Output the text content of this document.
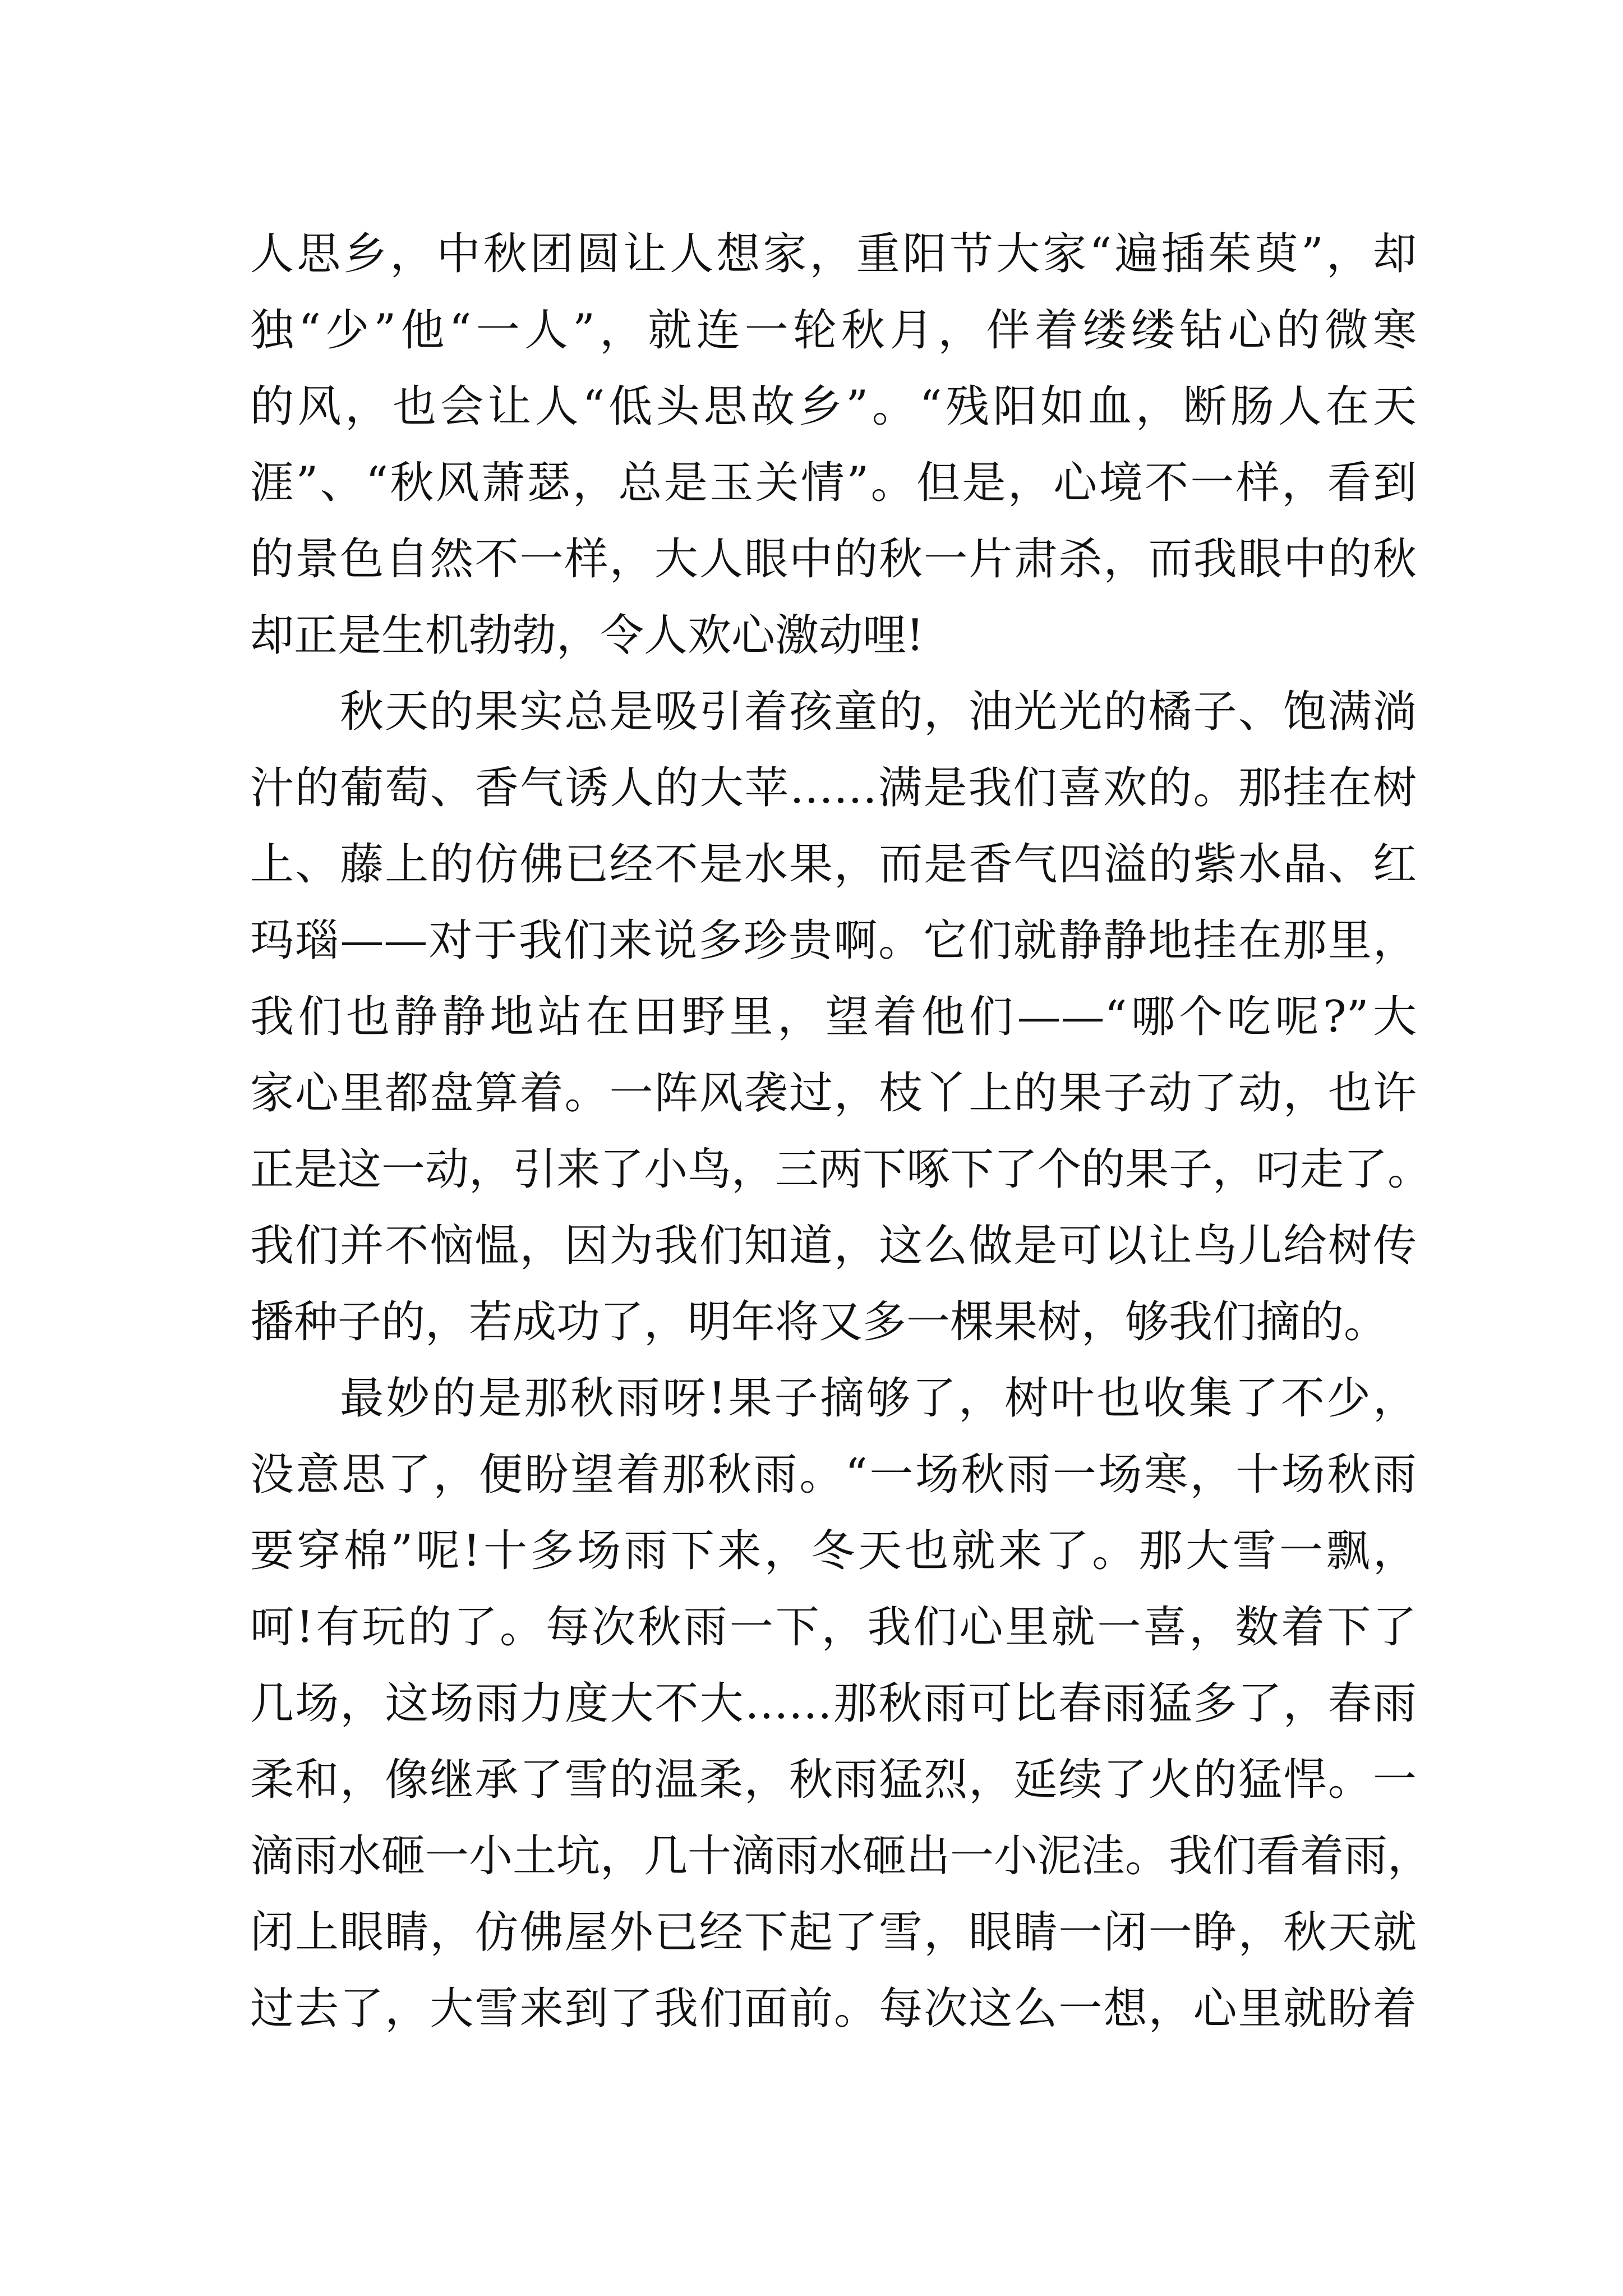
人思乡，中秋团圆让人想家，重阳节大家“遍插茱萸”，却
独“少”他“一人”，就连一轮秋月，伴着缕缕钻心的微寒
的风，也会让人“低头思故乡”。“残阳如血，断肠人在天
涯”、“秋风萧瑟，总是玉关情”。但是，心境不一样，看到
的景色自然不一样，大人眼中的秋一片肃杀，而我眼中的秋
却正是生机勃勃，令人欢心激动哩!
秋天的果实总是吸引着孩童的，油光光的橘子、饱满淌
汁的葡萄、香气诱人的大苹……满是我们喜欢的。那挂在树
上、藤上的仿佛已经不是水果，而是香气四溢的紫水晶、红
玛瑙——对于我们来说多珍贵啊。它们就静静地挂在那里，
我们也静静地站在田野里，望着他们——“哪个吃呢?”大
家心里都盘算着。一阵风袭过，枝丫上的果子动了动，也许
正是这一动，引来了小鸟，三两下啄下了个的果子，叼走了。
我们并不恼愠，因为我们知道，这么做是可以让鸟儿给树传
播种子的，若成功了，明年将又多一棵果树，够我们摘的。
最妙的是那秋雨呀!果子摘够了，树叶也收集了不少，
没意思了，便盼望着那秋雨。“一场秋雨一场寒，十场秋雨
要穿棉”呢!十多场雨下来，冬天也就来了。那大雪一飘，
呵!有玩的了。每次秋雨一下，我们心里就一喜，数着下了
几场，这场雨力度大不大……那秋雨可比春雨猛多了，春雨
柔和，像继承了雪的温柔，秋雨猛烈，延续了火的猛悍。一
滴雨水砸一小土坑，几十滴雨水砸出一小泥洼。我们看着雨，
闭上眼睛，仿佛屋外已经下起了雪，眼睛一闭一睁，秋天就
过去了，大雪来到了我们面前。每次这么一想，心里就盼着
